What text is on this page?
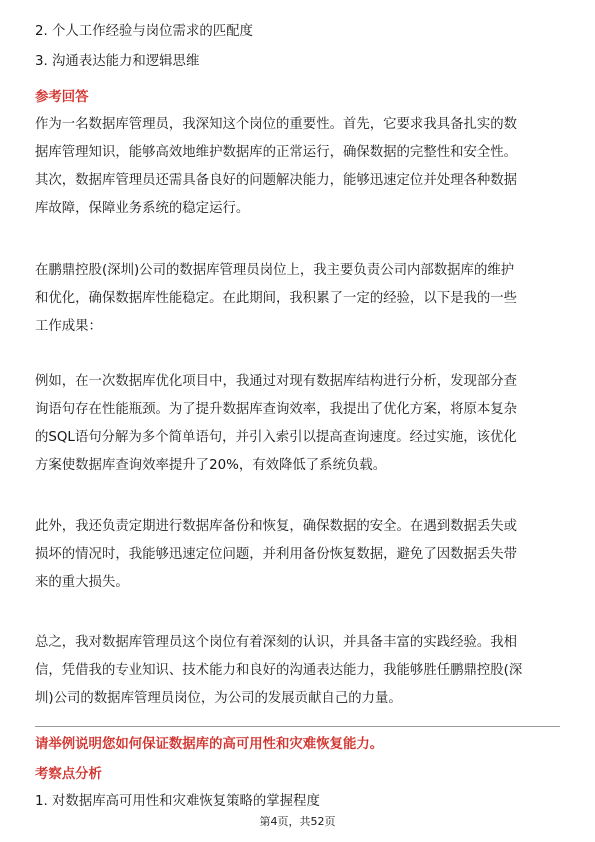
2. 个人工作经验与岗位需求的匹配度
3. 沟通表达能力和逻辑思维
参考回答
作为一名数据库管理员，我深知这个岗位的重要性。首先，它要求我具备扎实的数
据库管理知识，能够高效地维护数据库的正常运行，确保数据的完整性和安全性。
其次，数据库管理员还需具备良好的问题解决能力，能够迅速定位并处理各种数据
库故障，保障业务系统的稳定运行。
在鹏鼎控股(深圳)公司的数据库管理员岗位上，我主要负责公司内部数据库的维护
和优化，确保数据库性能稳定。在此期间，我积累了一定的经验，以下是我的一些
工作成果：
例如，在一次数据库优化项目中，我通过对现有数据库结构进行分析，发现部分查
询语句存在性能瓶颈。为了提升数据库查询效率，我提出了优化方案，将原本复杂
的SQL语句分解为多个简单语句，并引入索引以提高查询速度。经过实施，该优化
方案使数据库查询效率提升了20%，有效降低了系统负载。
此外，我还负责定期进行数据库备份和恢复，确保数据的安全。在遇到数据丢失或
损坏的情况时，我能够迅速定位问题，并利用备份恢复数据，避免了因数据丢失带
来的重大损失。
总之，我对数据库管理员这个岗位有着深刻的认识，并具备丰富的实践经验。我相
信，凭借我的专业知识、技术能力和良好的沟通表达能力，我能够胜任鹏鼎控股(深
圳)公司的数据库管理员岗位，为公司的发展贡献自己的力量。
请举例说明您如何保证数据库的高可用性和灾难恢复能力。
考察点分析
1. 对数据库高可用性和灾难恢复策略的掌握程度
第4页，共52页
